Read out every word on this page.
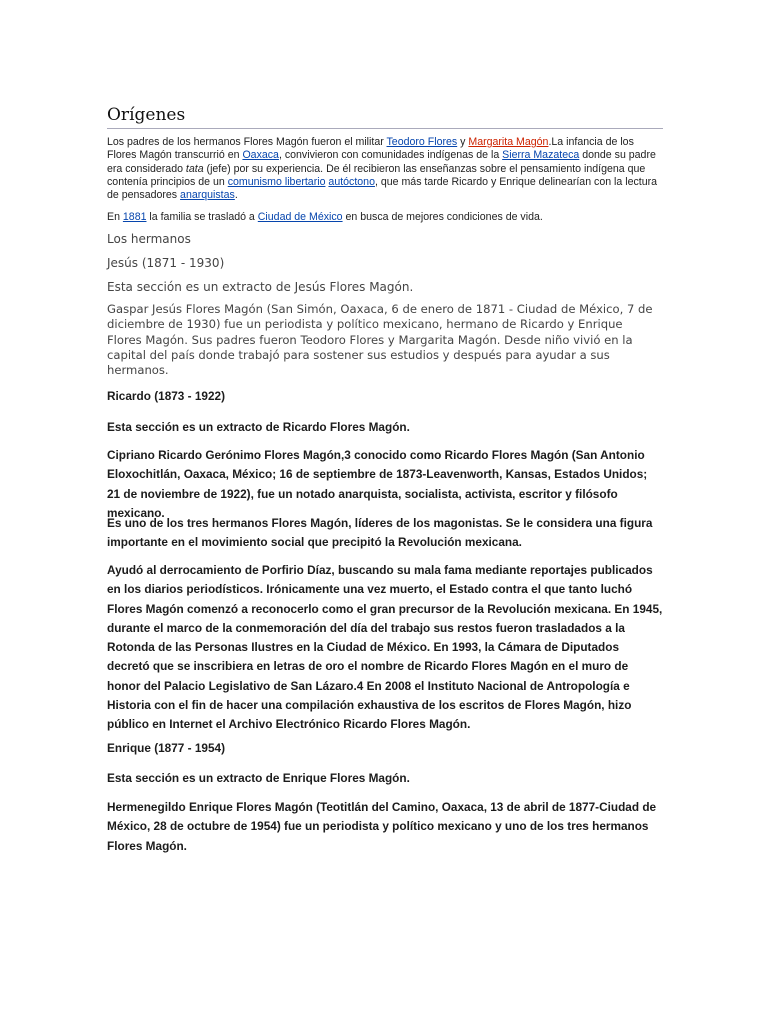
Orígenes
Los padres de los hermanos Flores Magón fueron el militar Teodoro Flores y Margarita Magón.La infancia de los Flores Magón transcurrió en Oaxaca, convivieron con comunidades indígenas de la Sierra Mazateca donde su padre era considerado tata (jefe) por su experiencia. De él recibieron las enseñanzas sobre el pensamiento indígena que contenía principios de un comunismo libertario autóctono, que más tarde Ricardo y Enrique delinearían con la lectura de pensadores anarquistas.
En 1881 la familia se trasladó a Ciudad de México en busca de mejores condiciones de vida.
Los hermanos
Jesús (1871 - 1930)
Esta sección es un extracto de Jesús Flores Magón.
Gaspar Jesús Flores Magón (San Simón, Oaxaca, 6 de enero de 1871 - Ciudad de México, 7 de diciembre de 1930) fue un periodista y político mexicano, hermano de Ricardo y Enrique Flores Magón. Sus padres fueron Teodoro Flores y Margarita Magón. Desde niño vivió en la capital del país donde trabajó para sostener sus estudios y después para ayudar a sus hermanos.
Ricardo (1873 - 1922)
Esta sección es un extracto de Ricardo Flores Magón.
Cipriano Ricardo Gerónimo Flores Magón,3 conocido como Ricardo Flores Magón (San Antonio Eloxochitlán, Oaxaca, México; 16 de septiembre de 1873-Leavenworth, Kansas, Estados Unidos; 21 de noviembre de 1922), fue un notado anarquista, socialista, activista, escritor y filósofo mexicano.
Es uno de los tres hermanos Flores Magón, líderes de los magonistas. Se le considera una figura importante en el movimiento social que precipitó la Revolución mexicana.
Ayudó al derrocamiento de Porfirio Díaz, buscando su mala fama mediante reportajes publicados en los diarios periodísticos. Irónicamente una vez muerto, el Estado contra el que tanto luchó Flores Magón comenzó a reconocerlo como el gran precursor de la Revolución mexicana. En 1945, durante el marco de la conmemoración del día del trabajo sus restos fueron trasladados a la Rotonda de las Personas Ilustres en la Ciudad de México. En 1993, la Cámara de Diputados decretó que se inscribiera en letras de oro el nombre de Ricardo Flores Magón en el muro de honor del Palacio Legislativo de San Lázaro.4 En 2008 el Instituto Nacional de Antropología e Historia con el fin de hacer una compilación exhaustiva de los escritos de Flores Magón, hizo público en Internet el Archivo Electrónico Ricardo Flores Magón.
Enrique (1877 - 1954)
Esta sección es un extracto de Enrique Flores Magón.
Hermenegildo Enrique Flores Magón (Teotitlán del Camino, Oaxaca, 13 de abril de 1877-Ciudad de México, 28 de octubre de 1954) fue un periodista y político mexicano y uno de los tres hermanos Flores Magón.
